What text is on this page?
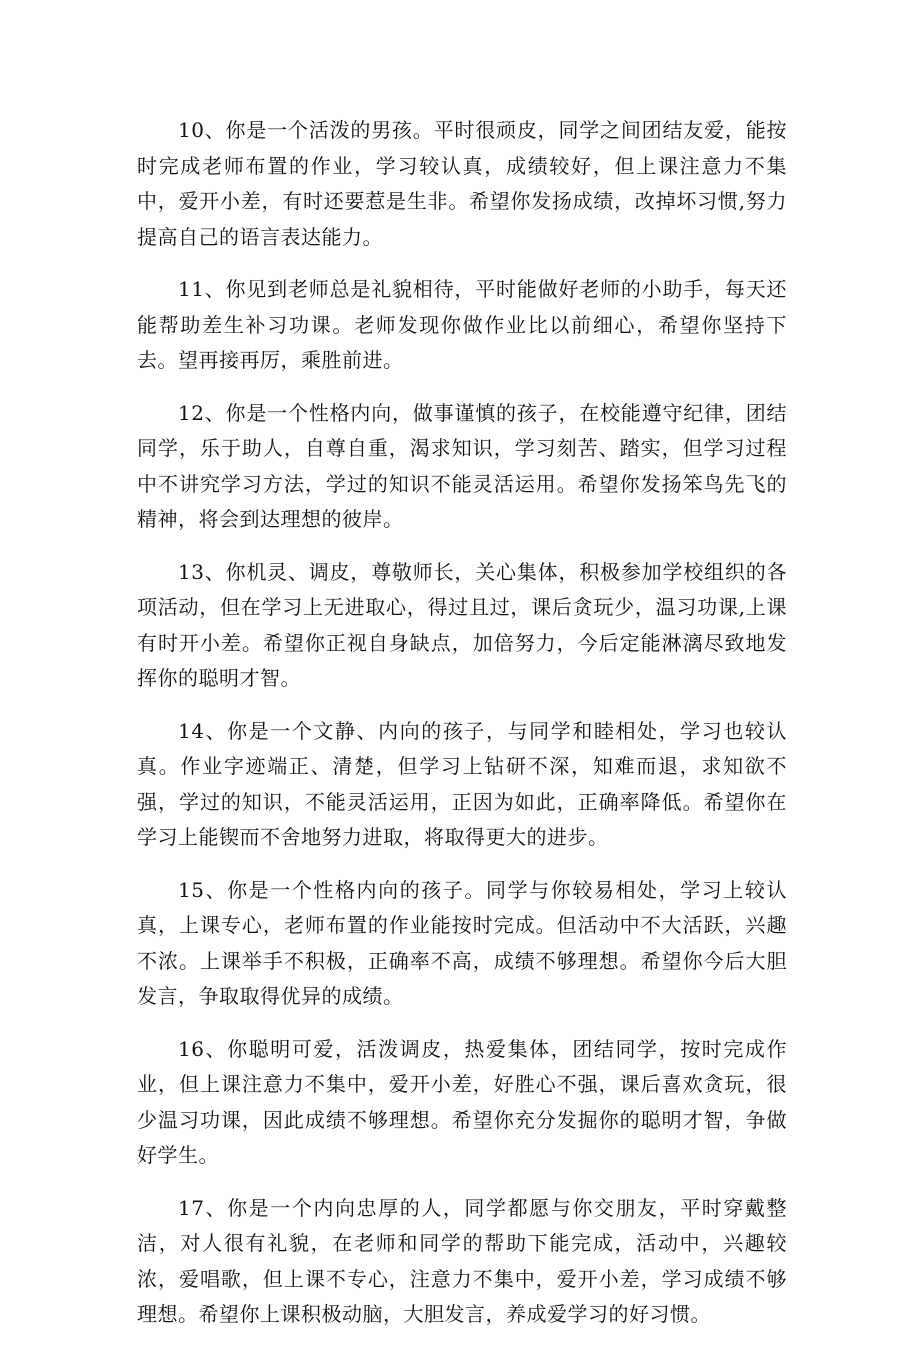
10、你是一个活泼的男孩。平时很顽皮，同学之间团结友爱，能按时完成老师布置的作业，学习较认真，成绩较好，但上课注意力不集中，爱开小差，有时还要惹是生非。希望你发扬成绩，改掉坏习惯,努力提高自己的语言表达能力。

11、你见到老师总是礼貌相待，平时能做好老师的小助手，每天还能帮助差生补习功课。老师发现你做作业比以前细心，希望你坚持下去。望再接再厉，乘胜前进。

12、你是一个性格内向，做事谨慎的孩子，在校能遵守纪律，团结同学，乐于助人，自尊自重，渴求知识，学习刻苦、踏实，但学习过程中不讲究学习方法，学过的知识不能灵活运用。希望你发扬笨鸟先飞的精神，将会到达理想的彼岸。

13、你机灵、调皮，尊敬师长，关心集体，积极参加学校组织的各项活动，但在学习上无进取心，得过且过，课后贪玩少，温习功课,上课有时开小差。希望你正视自身缺点，加倍努力，今后定能淋漓尽致地发挥你的聪明才智。

14、你是一个文静、内向的孩子，与同学和睦相处，学习也较认真。作业字迹端正、清楚，但学习上钻研不深，知难而退，求知欲不强，学过的知识，不能灵活运用，正因为如此，正确率降低。希望你在学习上能锲而不舍地努力进取，将取得更大的进步。

15、你是一个性格内向的孩子。同学与你较易相处，学习上较认真，上课专心，老师布置的作业能按时完成。但活动中不大活跃，兴趣不浓。上课举手不积极，正确率不高，成绩不够理想。希望你今后大胆发言，争取取得优异的成绩。

16、你聪明可爱，活泼调皮，热爱集体，团结同学，按时完成作业，但上课注意力不集中，爱开小差，好胜心不强，课后喜欢贪玩，很少温习功课，因此成绩不够理想。希望你充分发掘你的聪明才智，争做好学生。

17、你是一个内向忠厚的人，同学都愿与你交朋友，平时穿戴整洁，对人很有礼貌，在老师和同学的帮助下能完成，活动中，兴趣较浓，爱唱歌，但上课不专心，注意力不集中，爱开小差，学习成绩不够理想。希望你上课积极动脑，大胆发言，养成爱学习的好习惯。
